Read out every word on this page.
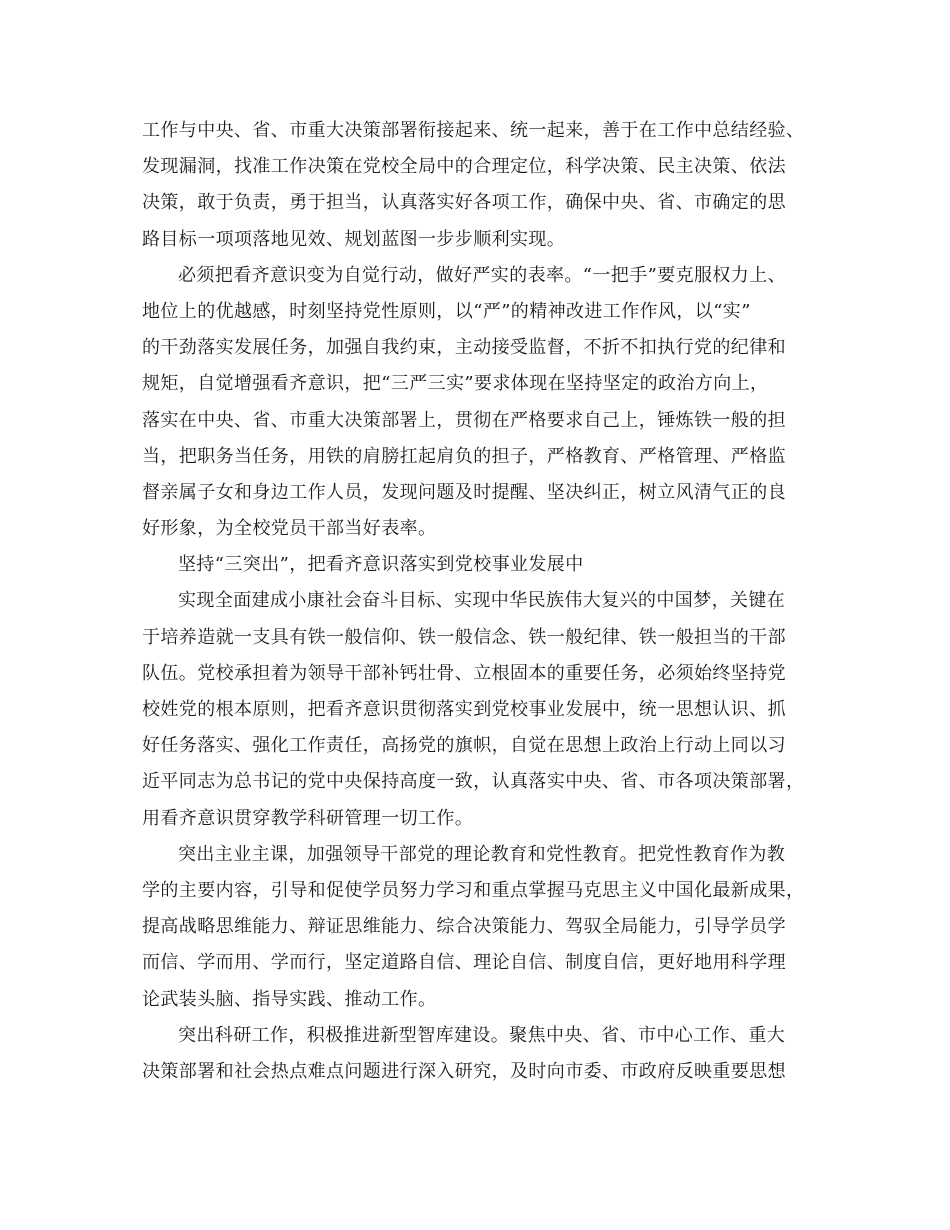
工作与中央、省、市重大决策部署衔接起来、统一起来，善于在工作中总结经验、
发现漏洞，找准工作决策在党校全局中的合理定位，科学决策、民主决策、依法
决策，敢于负责，勇于担当，认真落实好各项工作，确保中央、省、市确定的思
路目标一项项落地见效、规划蓝图一步步顺利实现。
必须把看齐意识变为自觉行动，做好严实的表率。“一把手”要克服权力上、
地位上的优越感，时刻坚持党性原则，以“严”的精神改进工作作风，以“实”
的干劲落实发展任务，加强自我约束，主动接受监督，不折不扣执行党的纪律和
规矩，自觉增强看齐意识，把“三严三实”要求体现在坚持坚定的政治方向上，
落实在中央、省、市重大决策部署上，贯彻在严格要求自己上，锤炼铁一般的担
当，把职务当任务，用铁的肩膀扛起肩负的担子，严格教育、严格管理、严格监
督亲属子女和身边工作人员，发现问题及时提醒、坚决纠正，树立风清气正的良
好形象，为全校党员干部当好表率。
坚持“三突出”，把看齐意识落实到党校事业发展中
实现全面建成小康社会奋斗目标、实现中华民族伟大复兴的中国梦，关键在
于培养造就一支具有铁一般信仰、铁一般信念、铁一般纪律、铁一般担当的干部
队伍。党校承担着为领导干部补钙壮骨、立根固本的重要任务，必须始终坚持党
校姓党的根本原则，把看齐意识贯彻落实到党校事业发展中，统一思想认识、抓
好任务落实、强化工作责任，高扬党的旗帜，自觉在思想上政治上行动上同以习
近平同志为总书记的党中央保持高度一致，认真落实中央、省、市各项决策部署，
用看齐意识贯穿教学科研管理一切工作。
突出主业主课，加强领导干部党的理论教育和党性教育。把党性教育作为教
学的主要内容，引导和促使学员努力学习和重点掌握马克思主义中国化最新成果，
提高战略思维能力、辩证思维能力、综合决策能力、驾驭全局能力，引导学员学
而信、学而用、学而行，坚定道路自信、理论自信、制度自信，更好地用科学理
论武装头脑、指导实践、推动工作。
突出科研工作，积极推进新型智库建设。聚焦中央、省、市中心工作、重大
决策部署和社会热点难点问题进行深入研究，及时向市委、市政府反映重要思想
